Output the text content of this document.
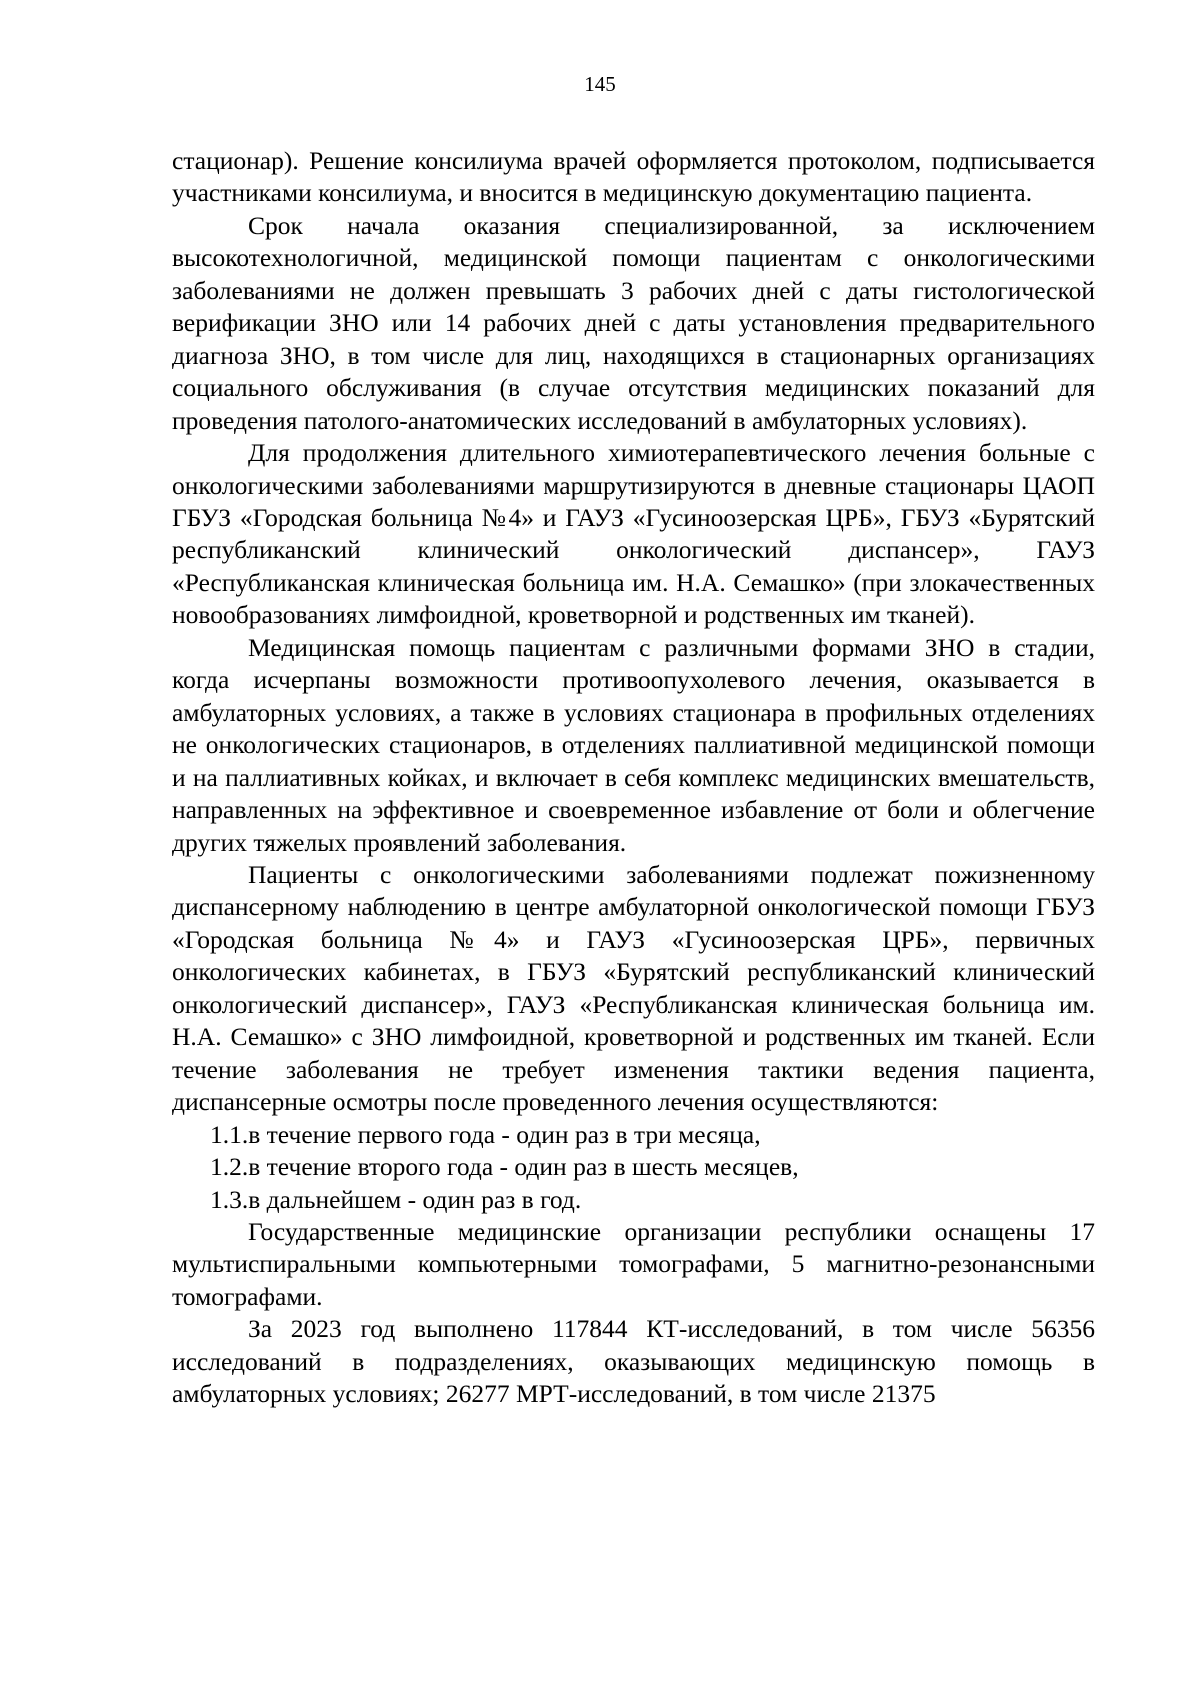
145

стационар). Решение консилиума врачей оформляется протоколом, подписывается участниками консилиума, и вносится в медицинскую документацию пациента.

Срок начала оказания специализированной, за исключением высокотехнологичной, медицинской помощи пациентам с онкологическими заболеваниями не должен превышать 3 рабочих дней с даты гистологической верификации ЗНО или 14 рабочих дней с даты установления предварительного диагноза ЗНО, в том числе для лиц, находящихся в стационарных организациях социального обслуживания (в случае отсутствия медицинских показаний для проведения патолого-анатомических исследований в амбулаторных условиях).

Для продолжения длительного химиотерапевтического лечения больные с онкологическими заболеваниями маршрутизируются в дневные стационары ЦАОП ГБУЗ «Городская больница №4» и ГАУЗ «Гусиноозерская ЦРБ», ГБУЗ «Бурятский республиканский клинический онкологический диспансер», ГАУЗ «Республиканская клиническая больница им. Н.А. Семашко» (при злокачественных новообразованиях лимфоидной, кроветворной и родственных им тканей).

Медицинская помощь пациентам с различными формами ЗНО в стадии, когда исчерпаны возможности противоопухолевого лечения, оказывается в амбулаторных условиях, а также в условиях стационара в профильных отделениях не онкологических стационаров, в отделениях паллиативной медицинской помощи и на паллиативных койках, и включает в себя комплекс медицинских вмешательств, направленных на эффективное и своевременное избавление от боли и облегчение других тяжелых проявлений заболевания.

Пациенты с онкологическими заболеваниями подлежат пожизненному диспансерному наблюдению в центре амбулаторной онкологической помощи ГБУЗ «Городская больница №4» и ГАУЗ «Гусиноозерская ЦРБ», первичных онкологических кабинетах, в ГБУЗ «Бурятский республиканский клинический онкологический диспансер», ГАУЗ «Республиканская клиническая больница им. Н.А. Семашко» с ЗНО лимфоидной, кроветворной и родственных им тканей. Если течение заболевания не требует изменения тактики ведения пациента, диспансерные осмотры после проведенного лечения осуществляются:

1.1.в течение первого года - один раз в три месяца,

1.2.в течение второго года - один раз в шесть месяцев,

1.3.в дальнейшем - один раз в год.

Государственные медицинские организации республики оснащены 17 мультиспиральными компьютерными томографами, 5 магнитно-резонансными томографами.

За 2023 год выполнено 117844 КТ-исследований, в том числе 56356 исследований в подразделениях, оказывающих медицинскую помощь в амбулаторных условиях; 26277 МРТ-исследований, в том числе 21375
